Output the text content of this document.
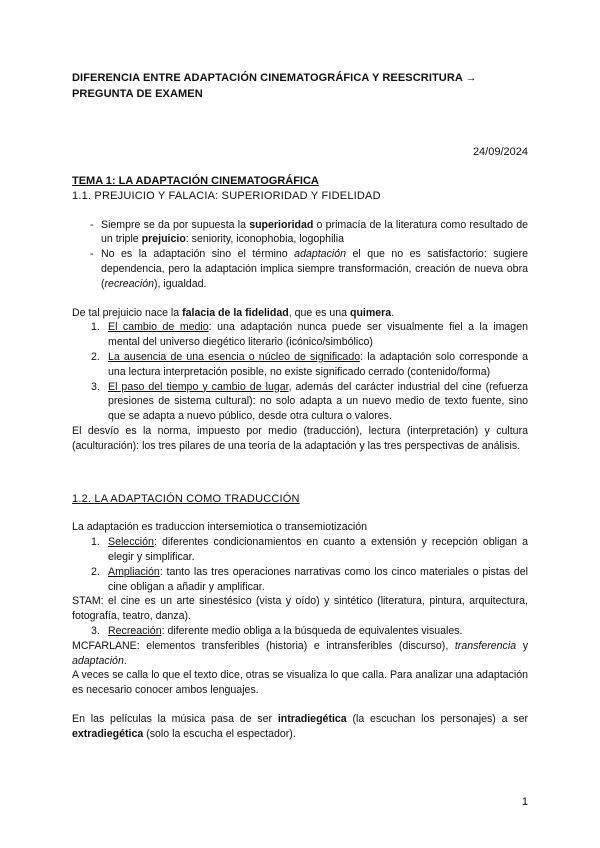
DIFERENCIA ENTRE ADAPTACIÓN CINEMATOGRÁFICA Y REESCRITURA → PREGUNTA DE EXAMEN
24/09/2024

TEMA 1: LA ADAPTACIÓN CINEMATOGRÁFICA

1.1. PREJUICIO Y FALACIA: SUPERIORIDAD Y FIDELIDAD

- Siempre se da por supuesta la superioridad o primacía de la literatura como resultado de un triple prejuicio: seniority, iconophobia, logophilia
- No es la adaptación sino el término adaptación el que no es satisfactorio: sugiere dependencia, pero la adaptación implica siempre transformación, creación de nueva obra (recreación), igualdad.

De tal prejuicio nace la falacia de la fidelidad, que es una quimera.

1. El cambio de medio: una adaptación nunca puede ser visualmente fiel a la imagen mental del universo diegético literario (icónico/simbólico)
2. La ausencia de una esencia o núcleo de significado: la adaptación solo corresponde a una lectura interpretación posible, no existe significado cerrado (contenido/forma)
3. El paso del tiempo y cambio de lugar, además del carácter industrial del cine (refuerza presiones de sistema cultural): no solo adapta a un nuevo medio de texto fuente, sino que se adapta a nuevo público, desde otra cultura o valores.

El desvío es la norma, impuesto por medio (traducción), lectura (interpretación) y cultura (aculturación): los tres pilares de una teoría de la adaptación y las tres perspectivas de análisis.

1.2. LA ADAPTACIÓN COMO TRADUCCIÓN

La adaptación es traduccion intersemiotica o transemiotización

1. Selección: diferentes condicionamientos en cuanto a extensión y recepción obligan a elegir y simplificar.
2. Ampliación: tanto las tres operaciones narrativas como los cinco materiales o pistas del cine obligan a añadir y amplificar.

STAM: el cine es un arte sinestésico (vista y oído) y sintético (literatura, pintura, arquitectura, fotografía, teatro, danza).

3. Recreación: diferente medio obliga a la búsqueda de equivalentes visuales.

MCFARLANE: elementos transferibles (historia) e intransferibles (discurso), transferencia y adaptación.

A veces se calla lo que el texto dice, otras se visualiza lo que calla. Para analizar una adaptación es necesario conocer ambos lenguajes.

En las películas la música pasa de ser intradiegética (la escuchan los personajes) a ser extradiegética (solo la escucha el espectador).

1
